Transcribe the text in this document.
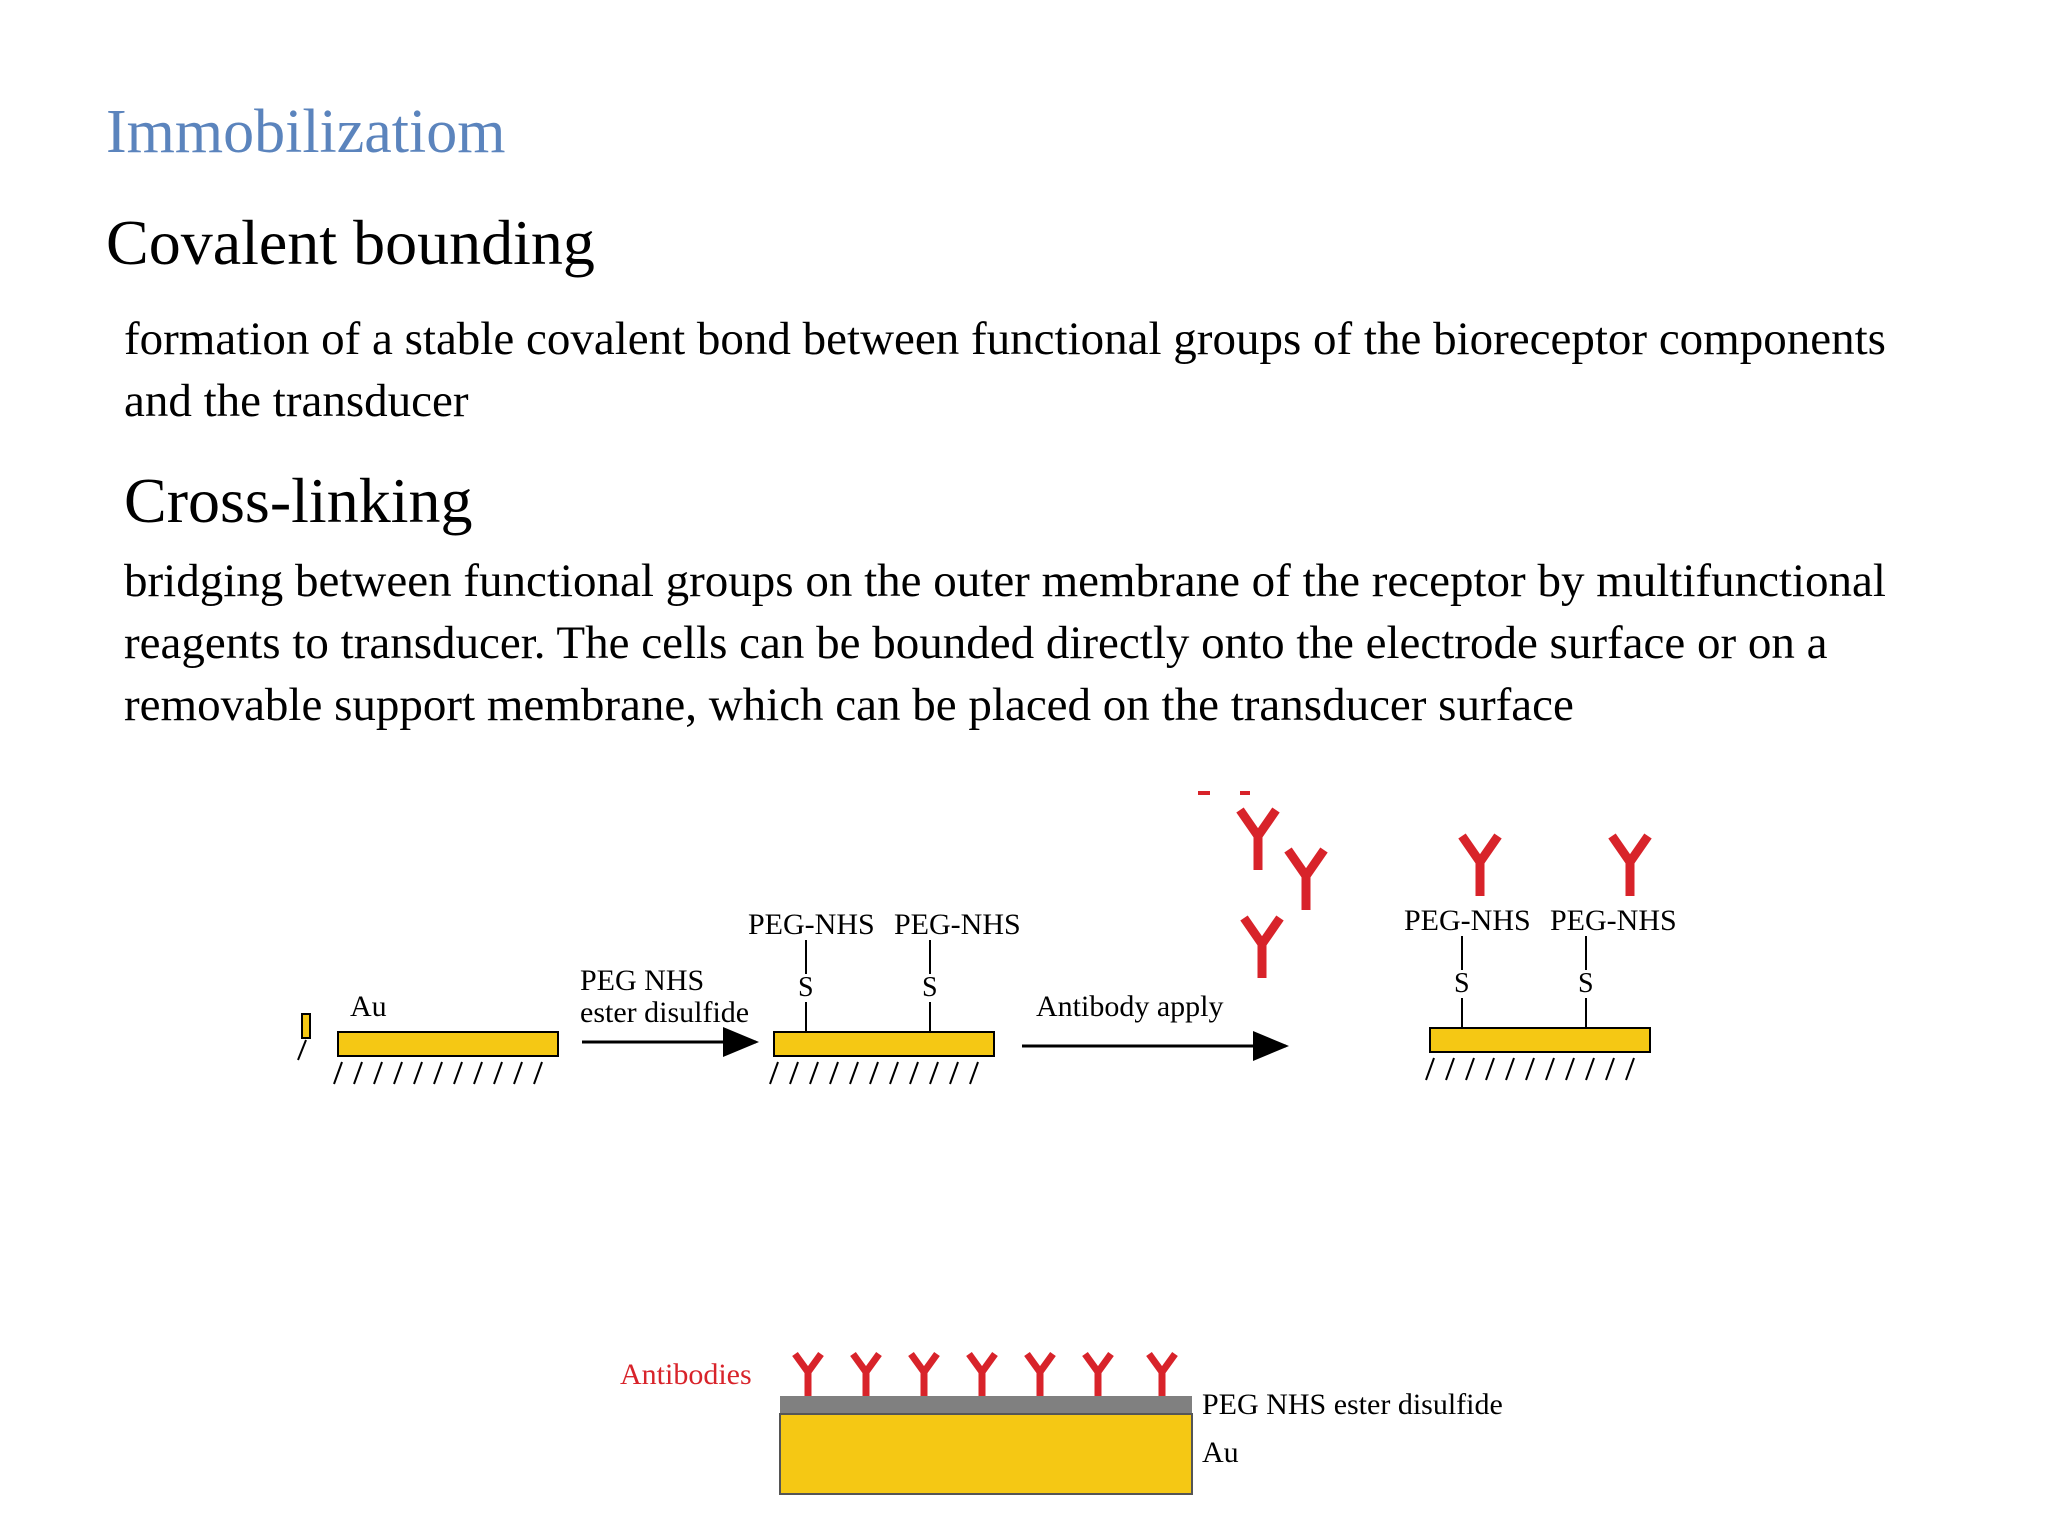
Immobilizatiom
Covalent bounding

formation of a stable covalent bond between functional groups of the bioreceptor components and the transducer

Cross-linking

bridging between functional groups on the outer membrane of the receptor by multifunctional reagents to transducer. The cells can be bounded directly onto the electrode surface or on a removable support membrane, which can be placed on the transducer surface

Au
PEG NHS
ester disulfide
PEG-NHS PEG-NHS
S	S
Antibody apply
PEG-NHS PEG-NHS
S	S
Antibodies
PEG NHS ester disulfide
Au
